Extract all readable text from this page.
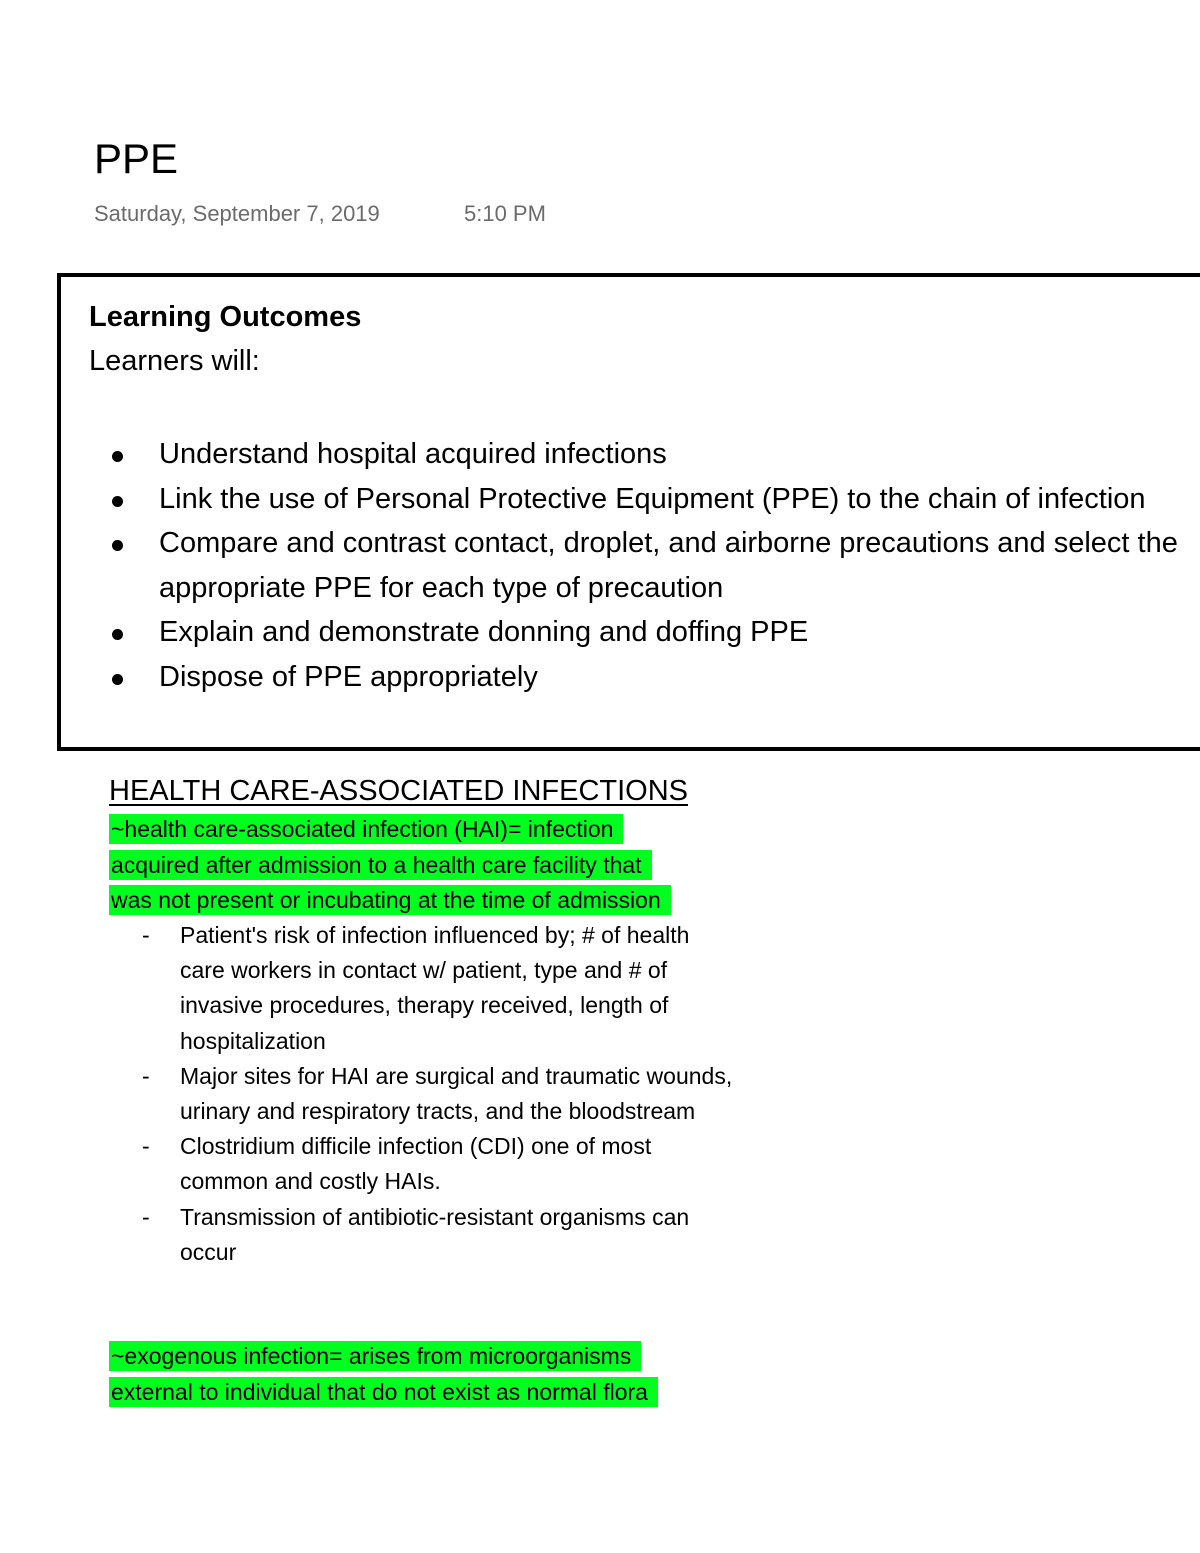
PPE
Saturday, September 7, 2019	5:10 PM
Learning Outcomes
Learners will:
Understand hospital acquired infections
Link the use of Personal Protective Equipment (PPE) to the chain of infection
Compare and contrast contact, droplet, and airborne precautions and select the appropriate PPE for each type of precaution
Explain and demonstrate donning and doffing PPE
Dispose of PPE appropriately
HEALTH CARE-ASSOCIATED INFECTIONS
~health care-associated infection (HAI)= infection
acquired after admission to a health care facility that
was not present or incubating at the time of admission
- Patient's risk of infection influenced by; # of health care workers in contact w/ patient, type and # of invasive procedures, therapy received, length of hospitalization
- Major sites for HAI are surgical and traumatic wounds, urinary and respiratory tracts, and the bloodstream
- Clostridium difficile infection (CDI) one of most common and costly HAIs.
- Transmission of antibiotic-resistant organisms can occur
~exogenous infection= arises from microorganisms
external to individual that do not exist as normal flora
